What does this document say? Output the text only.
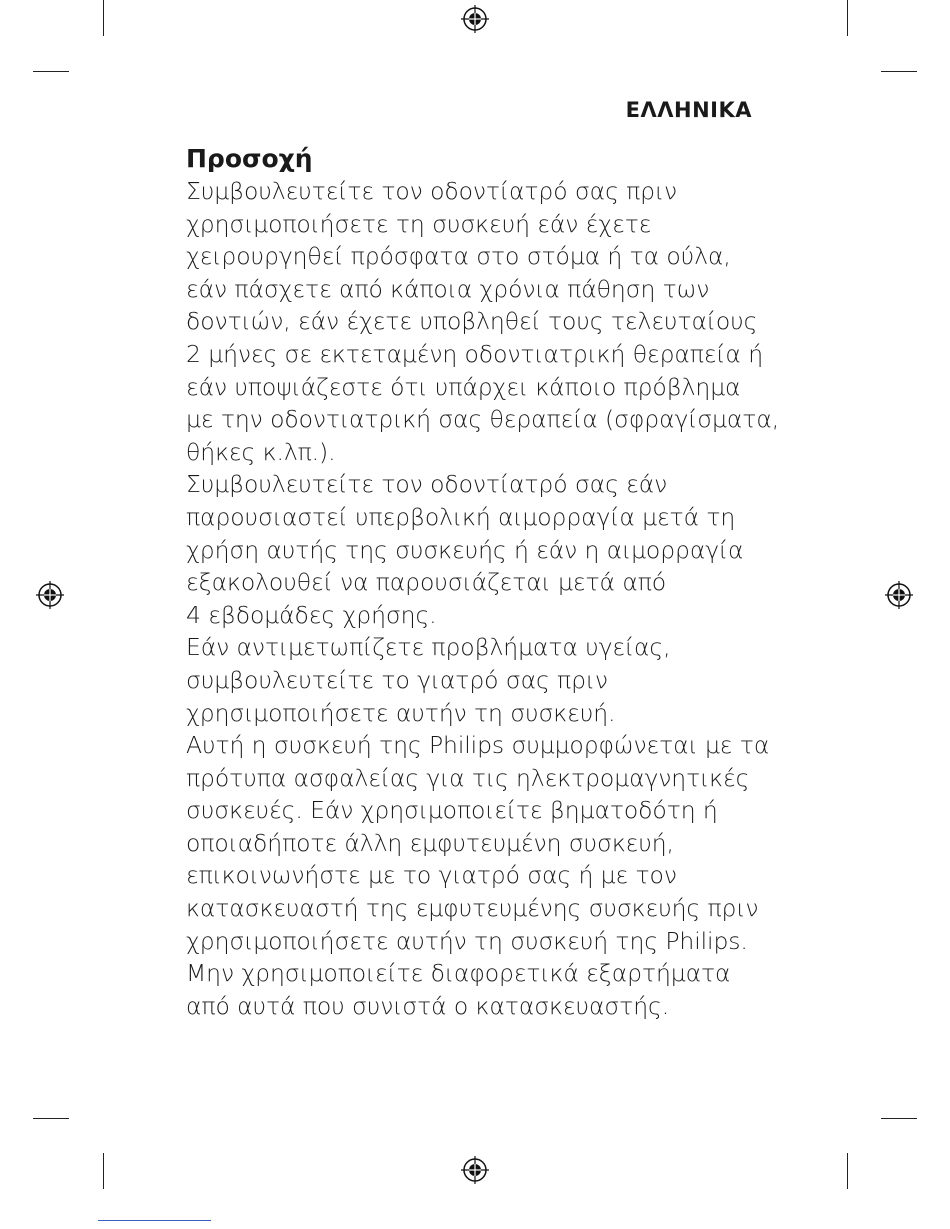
ΕΛΛΗΝΙΚΑ
Προσοχή

Συμβουλευτείτε τον οδοντίατρό σας πριν
χρησιμοποιήσετε τη συσκευή εάν έχετε
χειρουργηθεί πρόσφατα στο στόμα ή τα ούλα,
εάν πάσχετε από κάποια χρόνια πάθηση των
δοντιών, εάν έχετε υποβληθεί τους τελευταίους
2 μήνες σε εκτεταμένη οδοντιατρική θεραπεία ή
εάν υποψιάζεστε ότι υπάρχει κάποιο πρόβλημα
με την οδοντιατρική σας θεραπεία (σφραγίσματα,
θήκες κ.λπ.).

Συμβουλευτείτε τον οδοντίατρό σας εάν
παρουσιαστεί υπερβολική αιμορραγία μετά τη
χρήση αυτής της συσκευής ή εάν η αιμορραγία
εξακολουθεί να παρουσιάζεται μετά από
4 εβδομάδες χρήσης.

Εάν αντιμετωπίζετε προβλήματα υγείας,
συμβουλευτείτε το γιατρό σας πριν
χρησιμοποιήσετε αυτήν τη συσκευή.

Αυτή η συσκευή της Philips συμμορφώνεται με τα
πρότυπα ασφαλείας για τις ηλεκτρομαγνητικές
συσκευές. Εάν χρησιμοποιείτε βηματοδότη ή
οποιαδήποτε άλλη εμφυτευμένη συσκευή,
επικοινωνήστε με το γιατρό σας ή με τον
κατασκευαστή της εμφυτευμένης συσκευής πριν
χρησιμοποιήσετε αυτήν τη συσκευή της Philips.

Μην χρησιμοποιείτε διαφορετικά εξαρτήματα
από αυτά που συνιστά ο κατασκευαστής.
